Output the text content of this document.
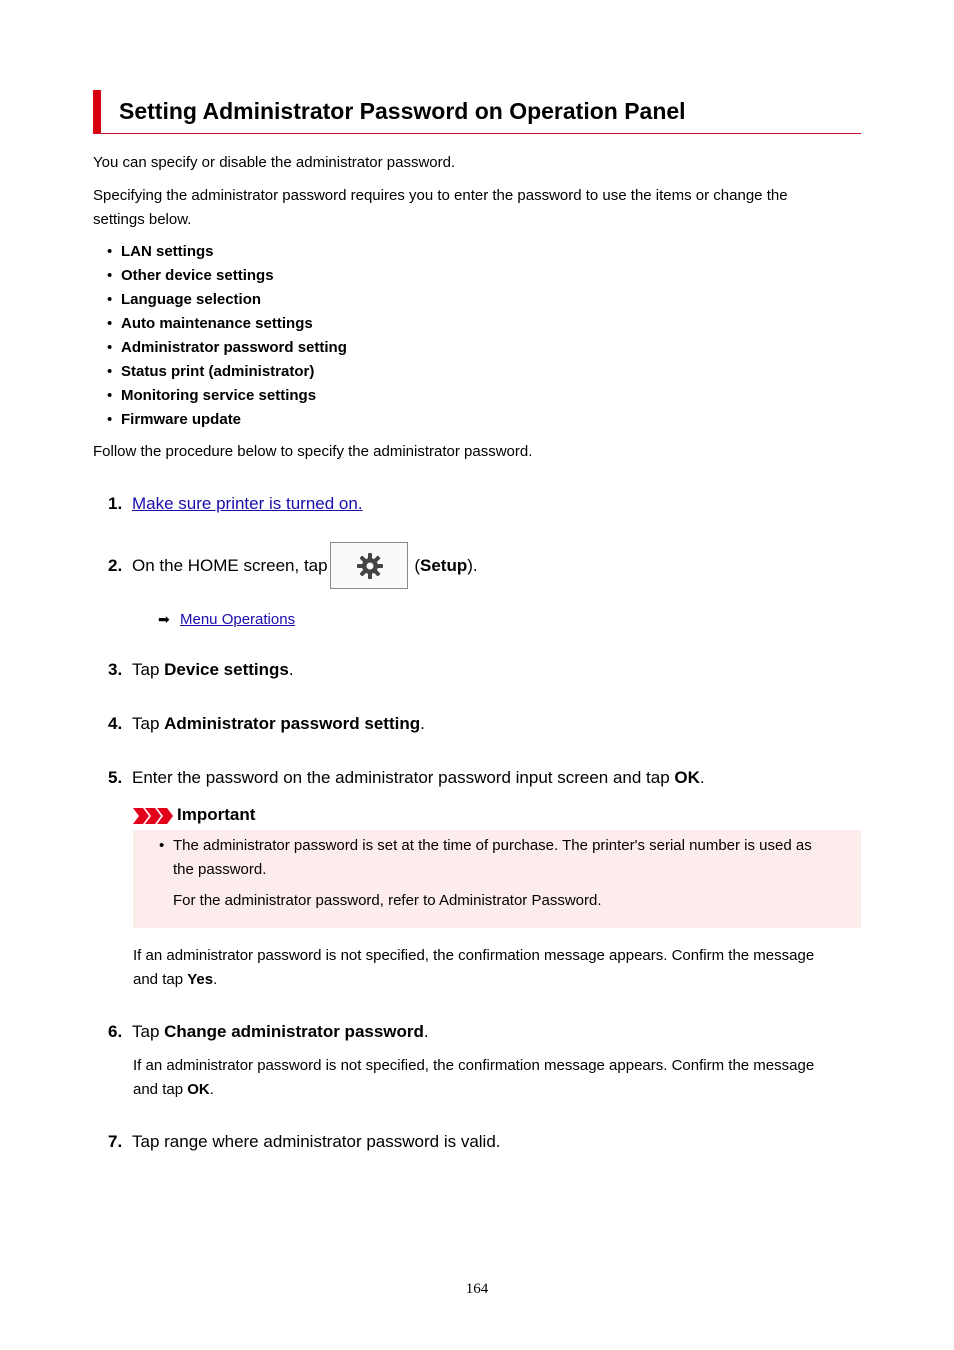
Setting Administrator Password on Operation Panel
You can specify or disable the administrator password.
Specifying the administrator password requires you to enter the password to use the items or change the
settings below.
• LAN settings
• Other device settings
• Language selection
• Auto maintenance settings
• Administrator password setting
• Status print (administrator)
• Monitoring service settings
• Firmware update
Follow the procedure below to specify the administrator password.
1. Make sure printer is turned on.
2. On the HOME screen, tap	(Setup).
➡ Menu Operations
3. Tap Device settings.
4. Tap Administrator password setting.
5. Enter the password on the administrator password input screen and tap OK.
Important
• The administrator password is set at the time of purchase. The printer's serial number is used as
the password.
For the administrator password, refer to Administrator Password.
If an administrator password is not specified, the confirmation message appears. Confirm the message
and tap Yes.
6. Tap Change administrator password.
If an administrator password is not specified, the confirmation message appears. Confirm the message
and tap OK.
7. Tap range where administrator password is valid.
164
